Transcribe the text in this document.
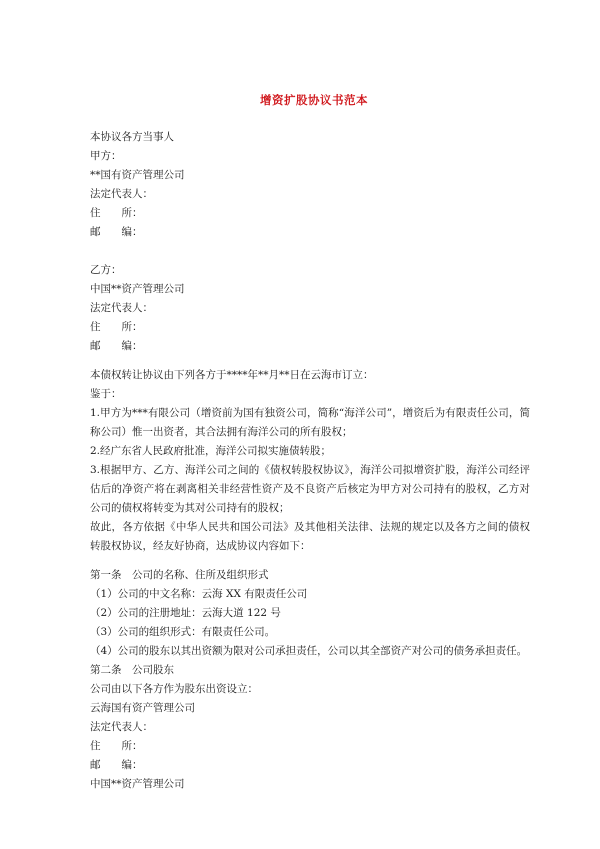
增资扩股协议书范本

本协议各方当事人

甲方：

**国有资产管理公司

法定代表人：

住　　所：

邮　　编：

乙方：

中国**资产管理公司

法定代表人：

住　　所：

邮　　编：

本债权转让协议由下列各方于****年**月**日在云海市订立：

鉴于：

1.甲方为***有限公司（增资前为国有独资公司，简称“海洋公司”，增资后为有限责任公司，简称公司）惟一出资者，其合法拥有海洋公司的所有股权；

2.经广东省人民政府批准，海洋公司拟实施债转股；

3.根据甲方、乙方、海洋公司之间的《债权转股权协议》，海洋公司拟增资扩股，海洋公司经评估后的净资产将在剥离相关非经营性资产及不良资产后核定为甲方对公司持有的股权，乙方对公司的债权将转变为其对公司持有的股权；

故此，各方依据《中华人民共和国公司法》及其他相关法律、法规的规定以及各方之间的债权转股权协议，经友好协商，达成协议内容如下：

第一条　公司的名称、住所及组织形式

（1）公司的中文名称：云海 XX 有限责任公司

（2）公司的注册地址：云海大道 122 号

（3）公司的组织形式：有限责任公司。

（4）公司的股东以其出资额为限对公司承担责任，公司以其全部资产对公司的债务承担责任。

第二条　公司股东

公司由以下各方作为股东出资设立：

云海国有资产管理公司

法定代表人：

住　　所：

邮　　编：

中国**资产管理公司
